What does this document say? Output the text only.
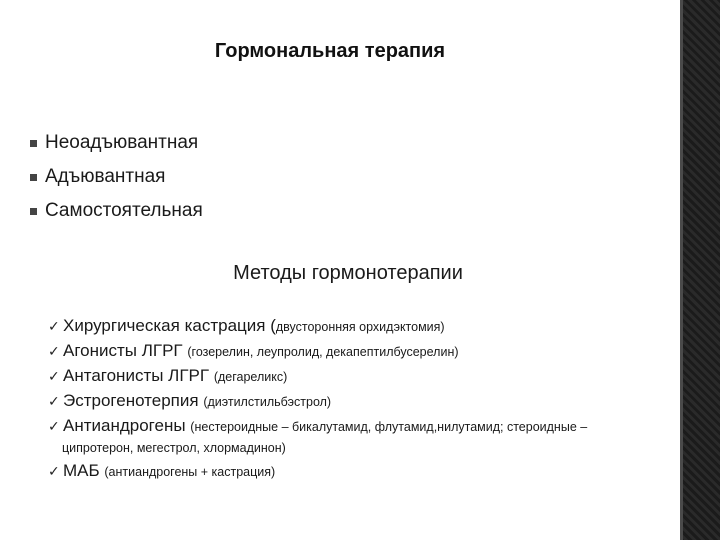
Гормональная терапия
Неоадъювантная
Адъювантная
Самостоятельная
Методы гормонотерапии
✓ Хирургическая кастрация (двусторонняя орхидэктомия)
✓ Агонисты ЛГРГ (гозерелин, леупролид, декапептилбусерелин)
✓ Антагонисты ЛГРГ (дегареликс)
✓ Эстрогенотерпия (диэтилстильбэстрол)
✓ Антиандрогены (нестероидные – бикалутамид, флутамид,нилутамид; стероидные –
ципротерон, мегестрол, хлормадинон)
✓ МАБ (антиандрогены + кастрация)
